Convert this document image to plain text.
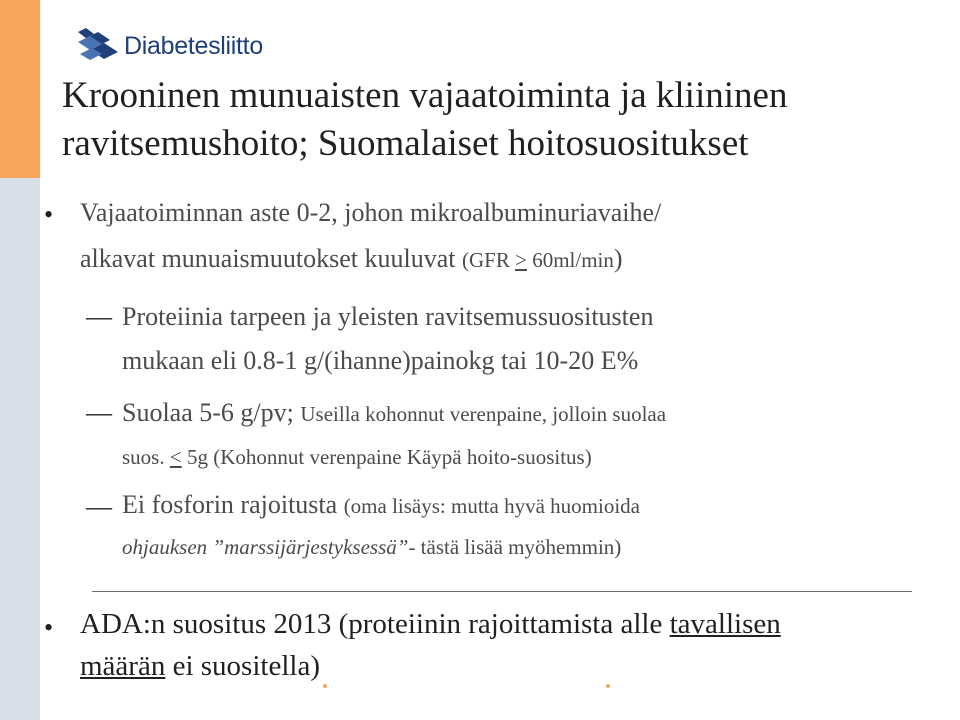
Diabetesliitto
Krooninen munuaisten vajaatoiminta ja kliininen ravitsemushoito; Suomalaiset hoitosuositukset
• Vajaatoiminnan aste 0-2, johon mikroalbuminuriavaihe/
alkavat munuaismuutokset kuuluvat (GFR > 60ml/min)
— Proteiinia tarpeen ja yleisten ravitsemussuositusten
mukaan eli 0.8-1 g/(ihanne)painokg tai 10-20 E%
— Suolaa 5-6 g/pv; Useilla kohonnut verenpaine, jolloin suolaa
suos. < 5g (Kohonnut verenpaine Käypä hoito-suositus)
— Ei fosforin rajoitusta (oma lisäys: mutta hyvä huomioida
ohjauksen ”marssijärjestyksessä”- tästä lisää myöhemmin)
• ADA:n suositus 2013 (proteiinin rajoittamista alle tavallisen
määrän ei suositella)
